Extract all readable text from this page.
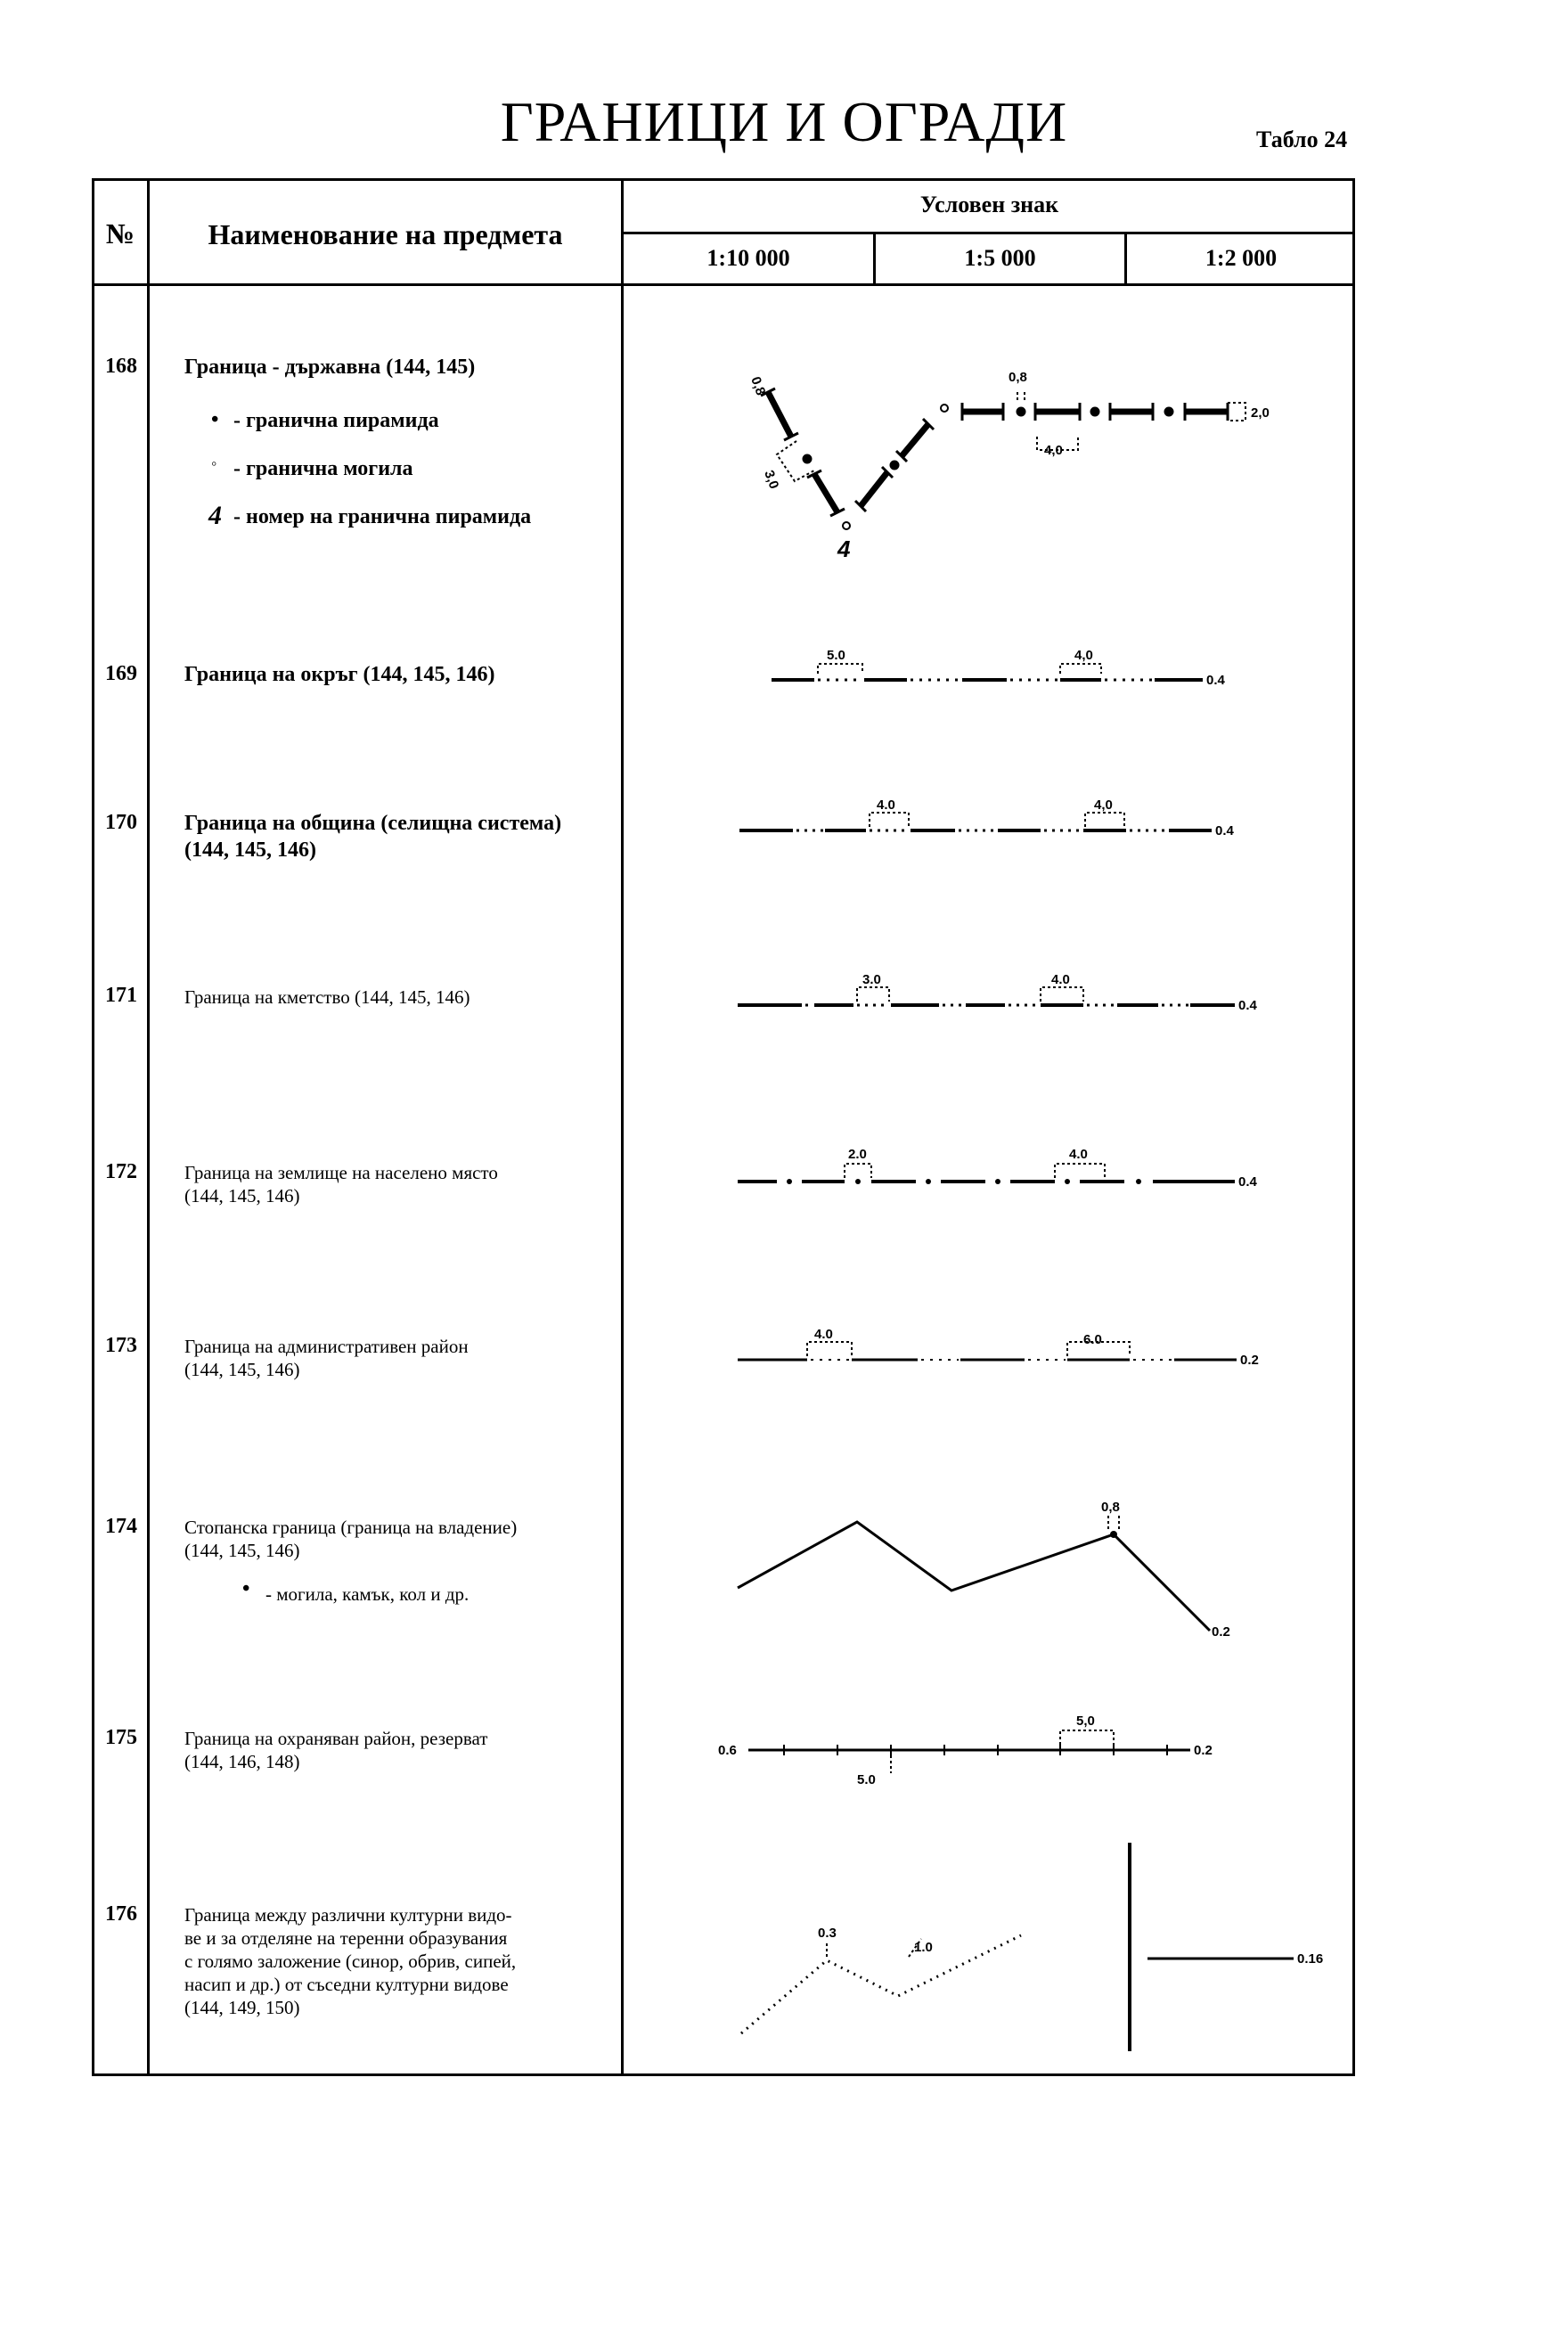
ГРАНИЦИ И ОГРАДИ	Табло 24
№	Наименование на предмета
Условен знак
1:10 000	1:5 000	1:2 000
168	Граница - държавна (144, 145)
• - гранична пирамида
◦ - гранична могила
4 - номер на гранична пирамида
169	Граница на окръг (144, 145, 146)
170	Граница на община (селищна система)
(144, 145, 146)
171	Граница на кметство (144, 145, 146)
172	Граница на землище на населено място
(144, 145, 146)
173	Граница на административен район
(144, 145, 146)
174	Стопанска граница (граница на владение)
(144, 145, 146)
• - могила, камък, кол и др.
175	Граница на охраняван район, резерват
(144, 146, 148)
176	Граница между различни културни видо-
ве и за отделяне на теренни образувания
с голямо заложение (синор, обрив, сипей,
насип и др.) от съседни културни видове
(144, 149, 150)
0,8
3,0
0,8
4,0
2,0
4
5.0	4,0
0.4
4.0	4,0
0.4
3.0	4.0
0.4
2.0	4.0
0.4
4.0	6.0
0.2
0,8
0.2
0.6
5,0
0.2
5.0
0.3
1.0
0.16
